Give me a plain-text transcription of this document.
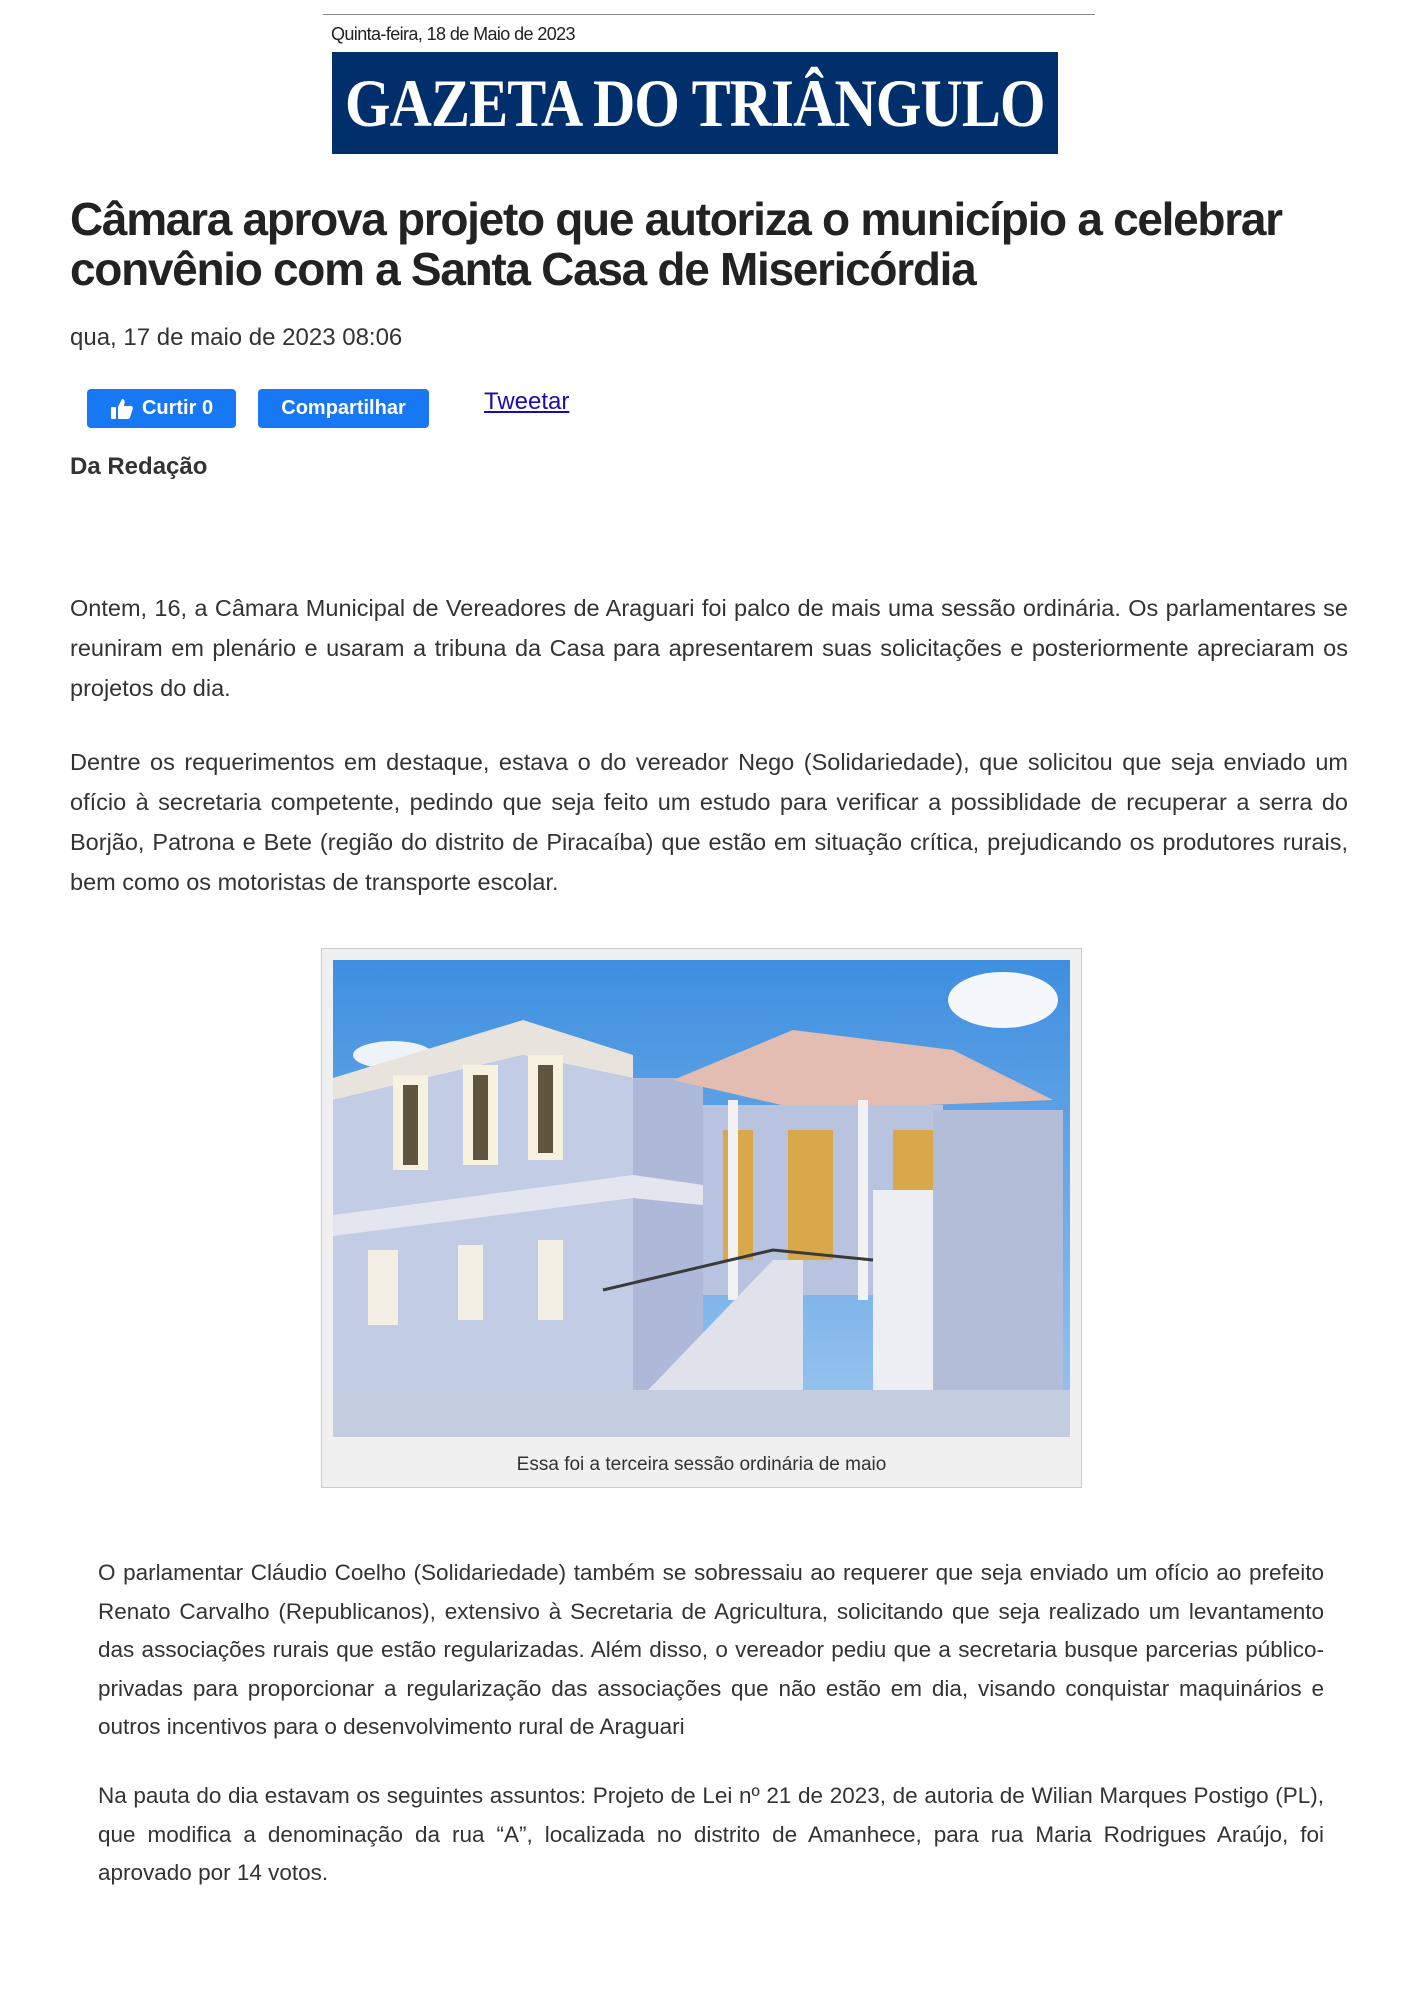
Quinta-feira, 18 de Maio de 2023
GAZETA DO TRIÂNGULO
Câmara aprova projeto que autoriza o município a celebrar convênio com a Santa Casa de Misericórdia
qua, 17 de maio de 2023 08:06
Curtir 0	Compartilhar	Tweetar
Da Redação

Ontem, 16, a Câmara Municipal de Vereadores de Araguari foi palco de mais uma sessão ordinária. Os parlamentares se reuniram em plenário e usaram a tribuna da Casa para apresentarem suas solicitações e posteriormente apreciaram os projetos do dia.

Dentre os requerimentos em destaque, estava o do vereador Nego (Solidariedade), que solicitou que seja enviado um ofício à secretaria competente, pedindo que seja feito um estudo para verificar a possiblidade de recuperar a serra do Borjão, Patrona e Bete (região do distrito de Piracaíba) que estão em situação crítica, prejudicando os produtores rurais, bem como os motoristas de transporte escolar.

Essa foi a terceira sessão ordinária de maio

O parlamentar Cláudio Coelho (Solidariedade) também se sobressaiu ao requerer que seja enviado um ofício ao prefeito Renato Carvalho (Republicanos), extensivo à Secretaria de Agricultura, solicitando que seja realizado um levantamento das associações rurais que estão regularizadas. Além disso, o vereador pediu que a secretaria busque parcerias público-privadas para proporcionar a regularização das associações que não estão em dia, visando conquistar maquinários e outros incentivos para o desenvolvimento rural de Araguari

Na pauta do dia estavam os seguintes assuntos: Projeto de Lei nº 21 de 2023, de autoria de Wilian Marques Postigo (PL), que modifica a denominação da rua “A”, localizada no distrito de Amanhece, para rua Maria Rodrigues Araújo, foi aprovado por 14 votos.
